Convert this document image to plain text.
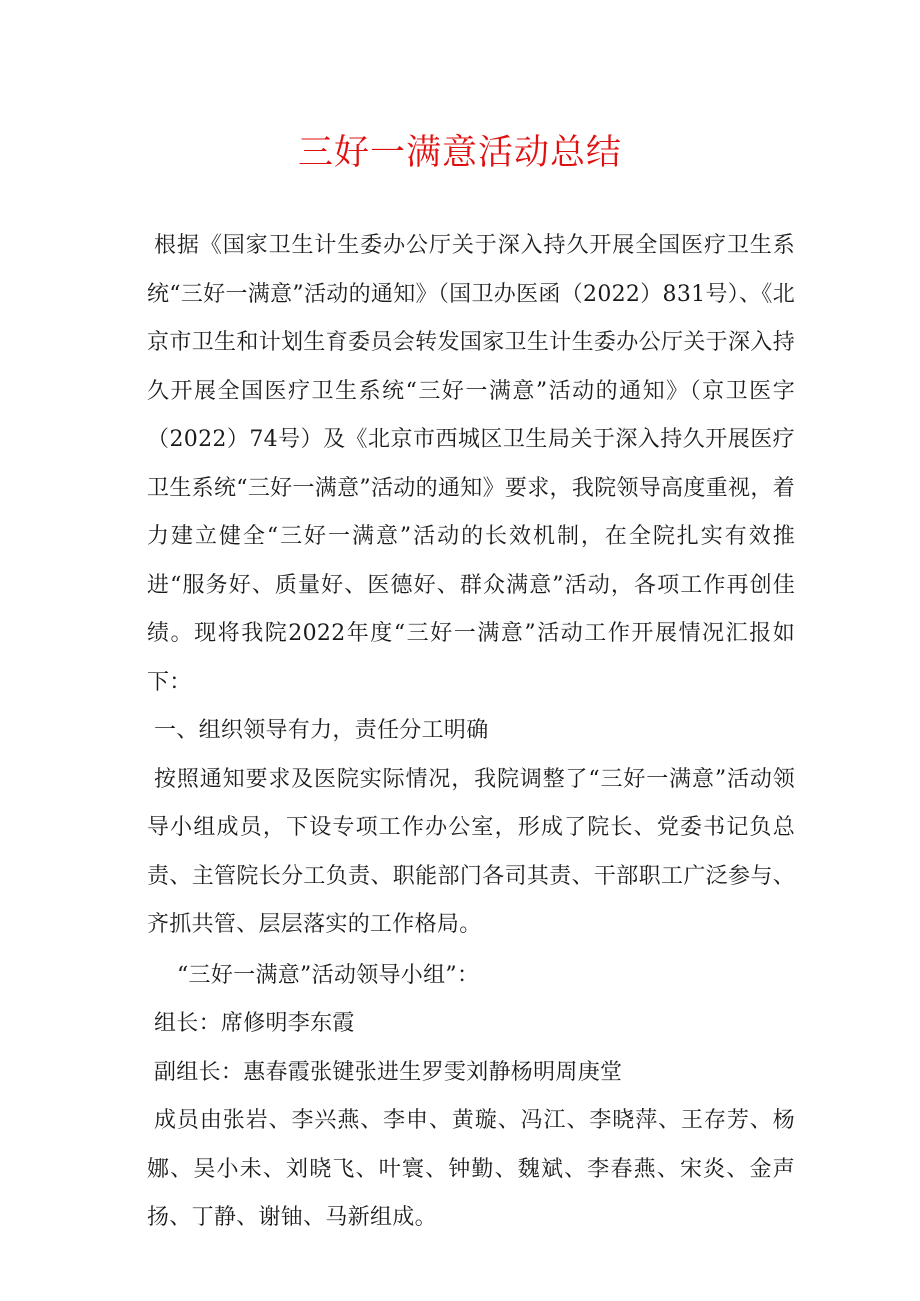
三好一满意活动总结

根据《国家卫生计生委办公厅关于深入持久开展全国医疗卫生系统“三好一满意”活动的通知》（国卫办医函（2022）831号）、《北京市卫生和计划生育委员会转发国家卫生计生委办公厅关于深入持久开展全国医疗卫生系统“三好一满意”活动的通知》（京卫医字（2022）74号）及《北京市西城区卫生局关于深入持久开展医疗卫生系统“三好一满意”活动的通知》要求，我院领导高度重视，着力建立健全“三好一满意”活动的长效机制，在全院扎实有效推进“服务好、质量好、医德好、群众满意”活动，各项工作再创佳绩。现将我院2022年度“三好一满意”活动工作开展情况汇报如下：

一、组织领导有力，责任分工明确

按照通知要求及医院实际情况，我院调整了“三好一满意”活动领导小组成员，下设专项工作办公室，形成了院长、党委书记负总责、主管院长分工负责、职能部门各司其责、干部职工广泛参与、齐抓共管、层层落实的工作格局。

“三好一满意”活动领导小组”：

组长：席修明李东霞

副组长：惠春霞张键张进生罗雯刘静杨明周庚堂

成员由张岩、李兴燕、李申、黄璇、冯江、李晓萍、王存芳、杨娜、吴小未、刘晓飞、叶寰、钟勤、魏斌、李春燕、宋炎、金声扬、丁静、谢铀、马新组成。
